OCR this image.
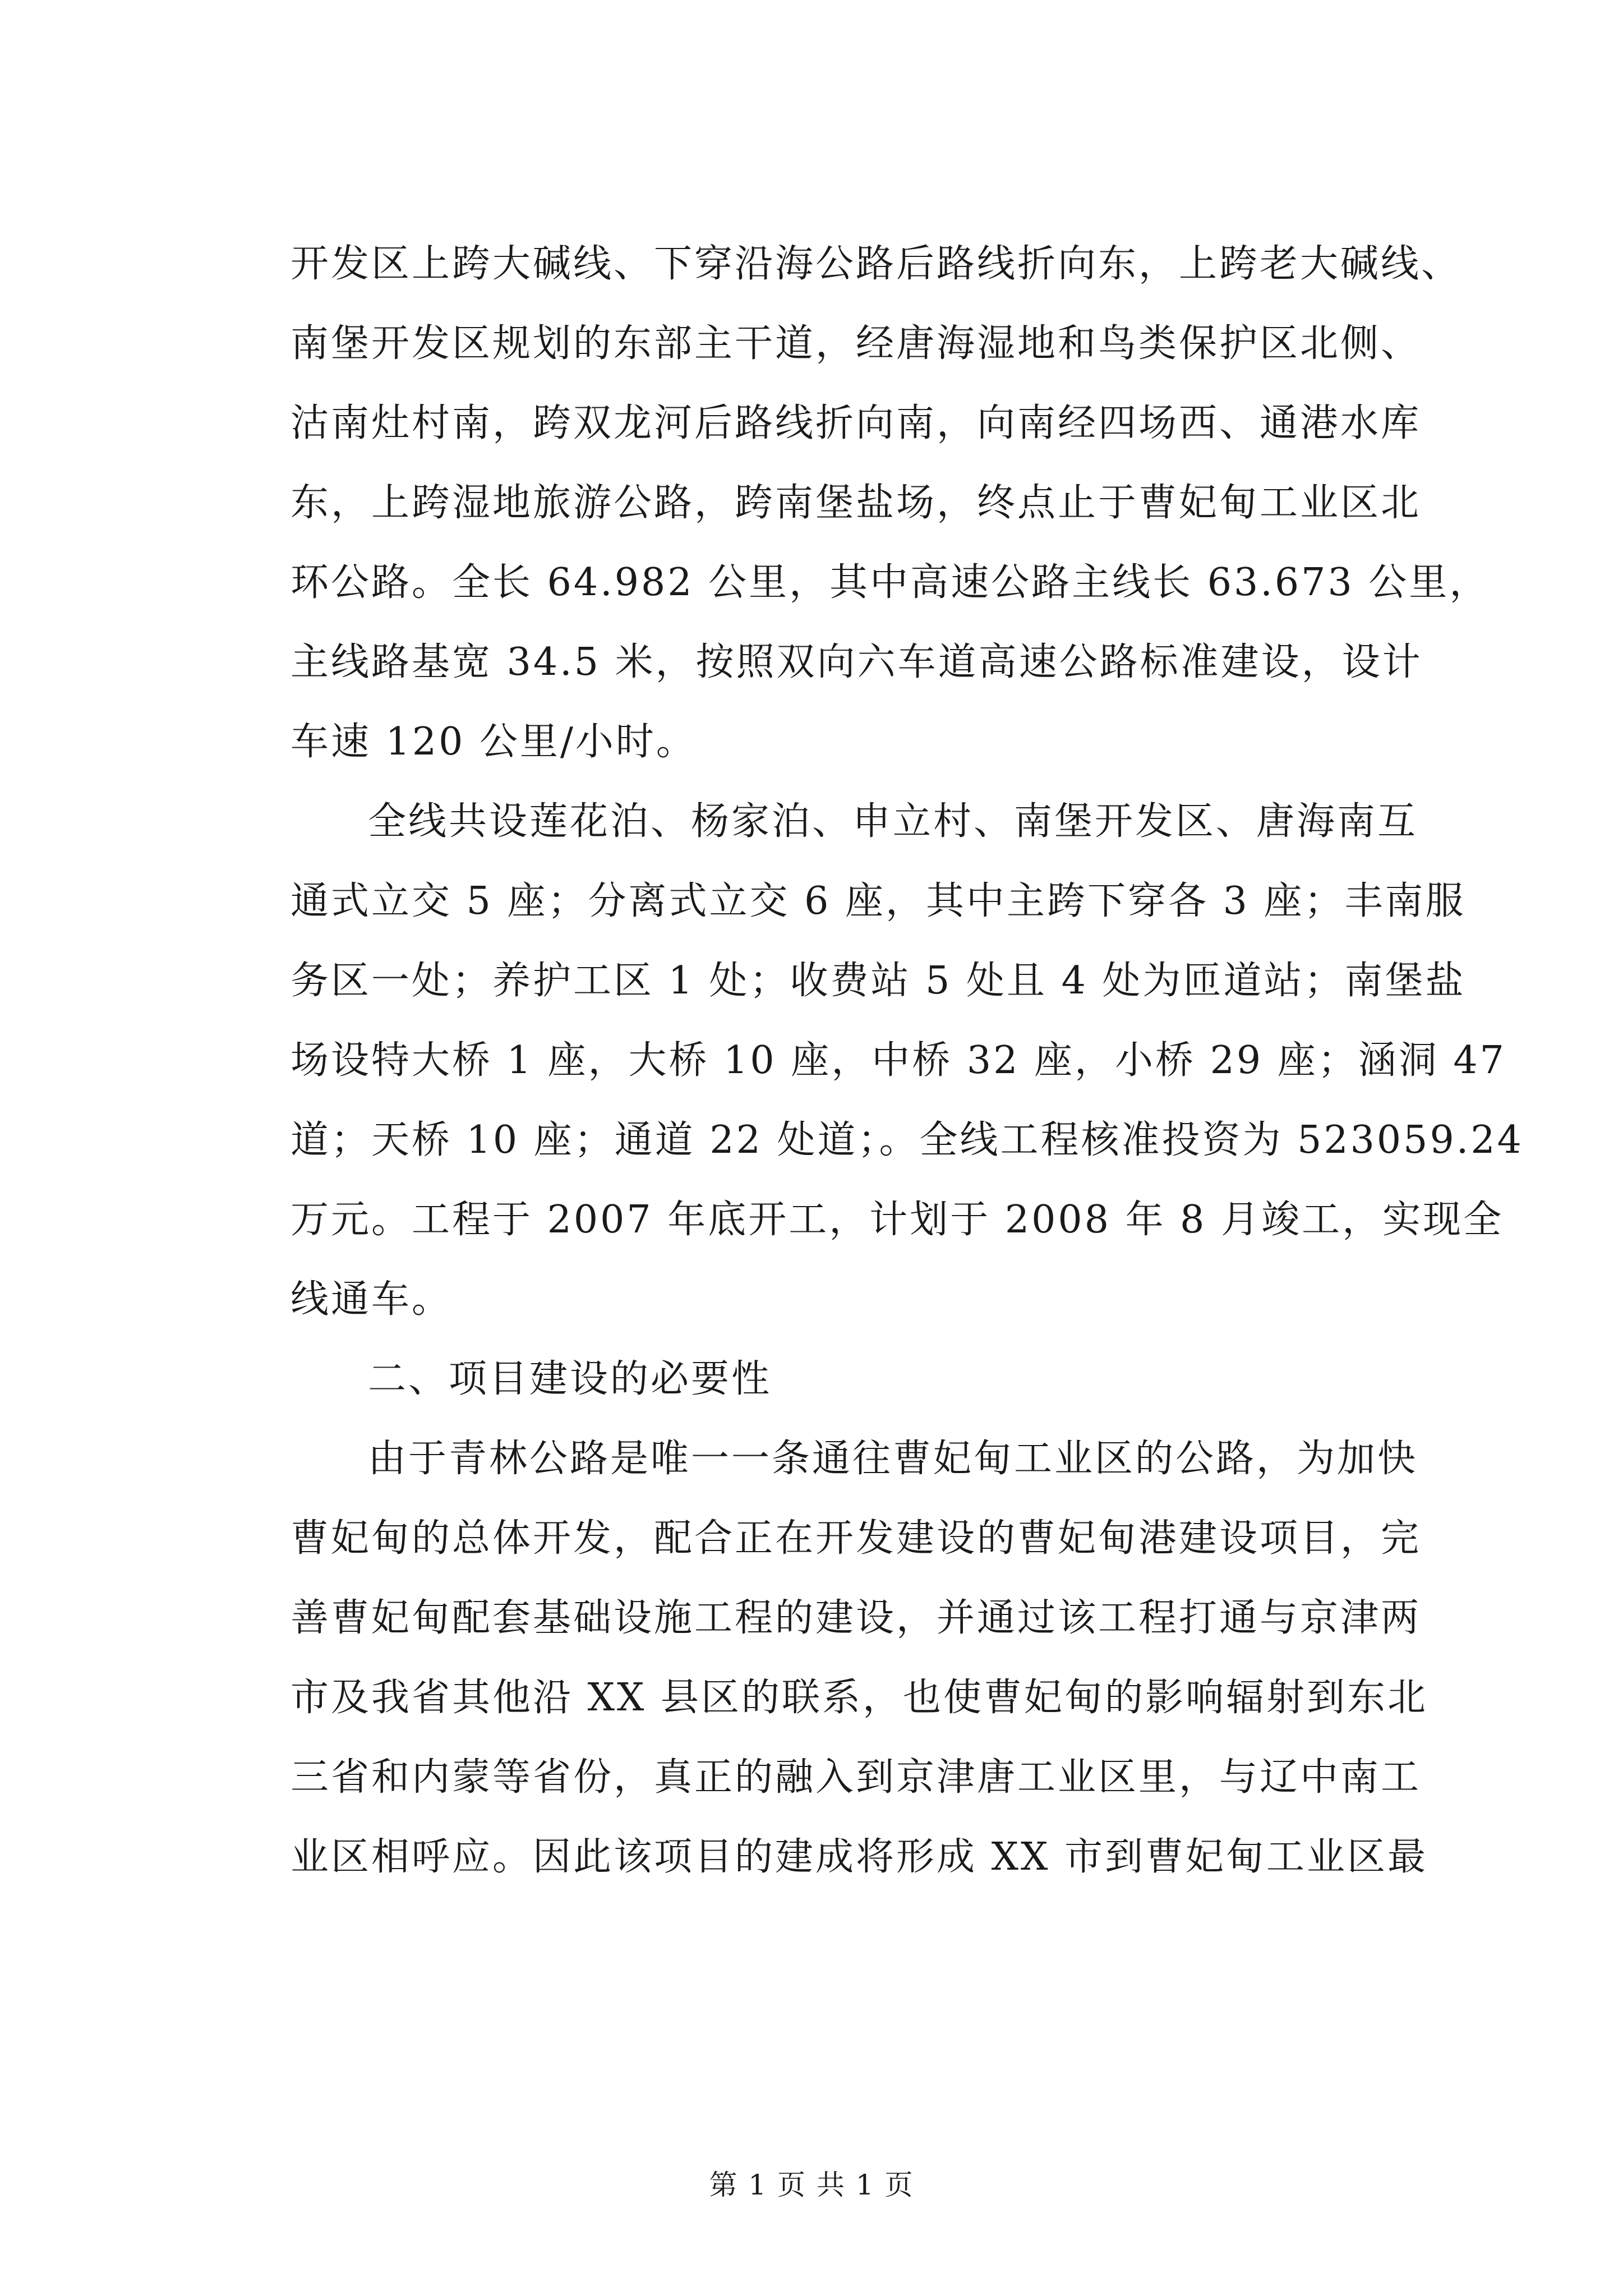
开发区上跨大碱线、下穿沿海公路后路线折向东，上跨老大碱线、
南堡开发区规划的东部主干道，经唐海湿地和鸟类保护区北侧、
沽南灶村南，跨双龙河后路线折向南，向南经四场西、通港水库
东，上跨湿地旅游公路，跨南堡盐场，终点止于曹妃甸工业区北
环公路。全长 64.982 公里，其中高速公路主线长 63.673 公里，
主线路基宽 34.5 米，按照双向六车道高速公路标准建设，设计
车速 120 公里/小时。
全线共设莲花泊、杨家泊、申立村、南堡开发区、唐海南互
通式立交 5 座；分离式立交 6 座，其中主跨下穿各 3 座；丰南服
务区一处；养护工区 1 处；收费站 5 处且 4 处为匝道站；南堡盐
场设特大桥 1 座，大桥 10 座，中桥 32 座，小桥 29 座；涵洞 47
道；天桥 10 座；通道 22 处道；。全线工程核准投资为 523059.24
万元。工程于 2007 年底开工，计划于 2008 年 8 月竣工，实现全
线通车。
二、项目建设的必要性
由于青林公路是唯一一条通往曹妃甸工业区的公路，为加快
曹妃甸的总体开发，配合正在开发建设的曹妃甸港建设项目，完
善曹妃甸配套基础设施工程的建设，并通过该工程打通与京津两
市及我省其他沿 XX 县区的联系，也使曹妃甸的影响辐射到东北
三省和内蒙等省份，真正的融入到京津唐工业区里，与辽中南工
业区相呼应。因此该项目的建成将形成 XX 市到曹妃甸工业区最
第 1 页 共 1 页
